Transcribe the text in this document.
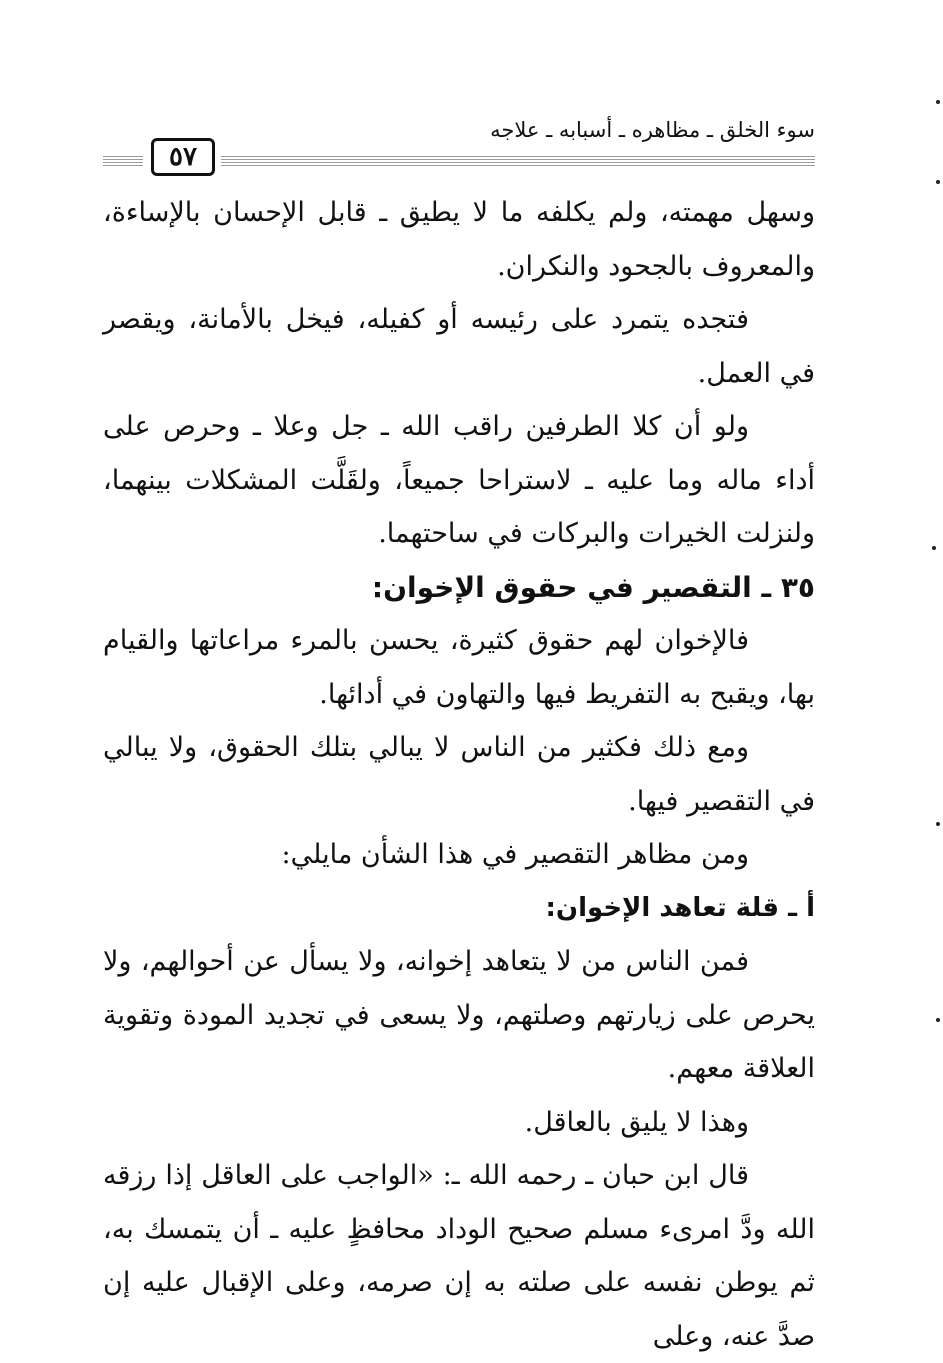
سوء الخلق ـ مظاهره ـ أسبابه ـ علاجه
٥٧

وسهل مهمته، ولم يكلفه ما لا يطيق ـ قابل الإحسان بالإساءة، والمعروف بالجحود والنكران.

فتجده يتمرد على رئيسه أو كفيله، فيخل بالأمانة، ويقصر في العمل.

ولو أن كلا الطرفين راقب الله ـ جل وعلا ـ وحرص على أداء ماله وما عليه ـ لاستراحا جميعاً، ولقَلَّت المشكلات بينهما، ولنزلت الخيرات والبركات في ساحتهما.

٣٥ ـ التقصير في حقوق الإخوان:

فالإخوان لهم حقوق كثيرة، يحسن بالمرء مراعاتها والقيام بها، ويقبح به التفريط فيها والتهاون في أدائها.

ومع ذلك فكثير من الناس لا يبالي بتلك الحقوق، ولا يبالي في التقصير فيها.

ومن مظاهر التقصير في هذا الشأن مايلي:

أ ـ قلة تعاهد الإخوان:

فمن الناس من لا يتعاهد إخوانه، ولا يسأل عن أحوالهم، ولا يحرص على زيارتهم وصلتهم، ولا يسعى في تجديد المودة وتقوية العلاقة معهم.

وهذا لا يليق بالعاقل.

قال ابن حبان ـ رحمه الله ـ: «الواجب على العاقل إذا رزقه الله ودَّ امرىء مسلم صحيح الوداد محافظٍ عليه ـ أن يتمسك به، ثم يوطن نفسه على صلته به إن صرمه، وعلى الإقبال عليه إن صدَّ عنه، وعلى
